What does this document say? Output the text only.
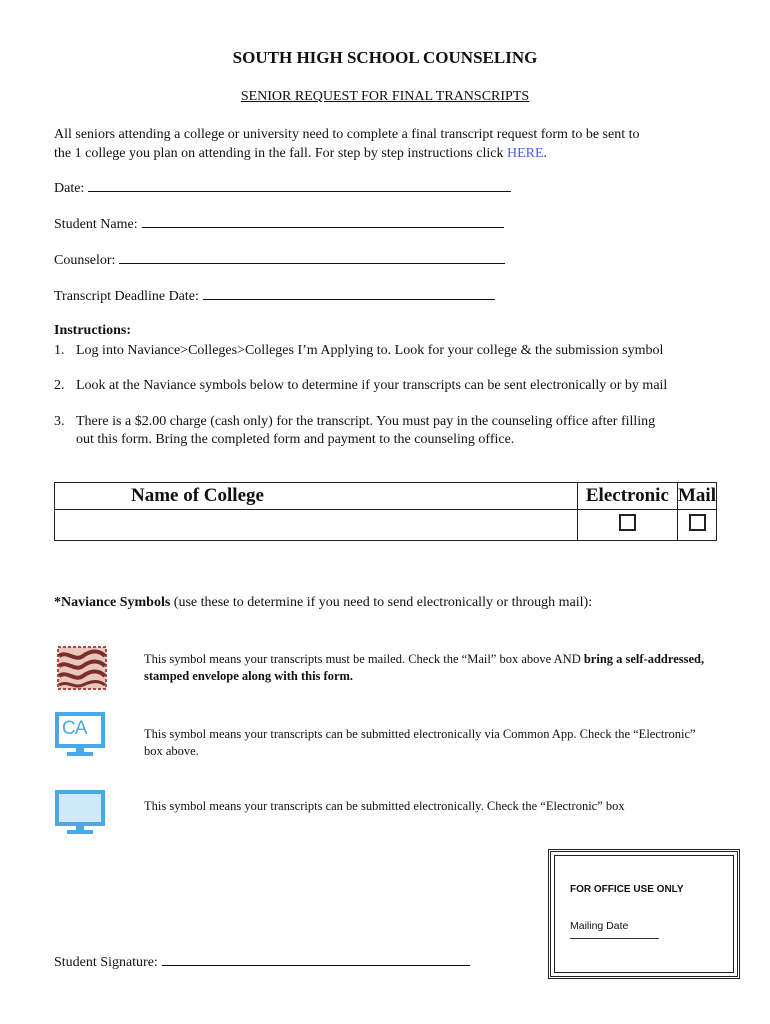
SOUTH HIGH SCHOOL COUNSELING
SENIOR REQUEST FOR FINAL TRANSCRIPTS
All seniors attending a college or university need to complete a final transcript request form to be sent to
the 1 college you plan on attending in the fall. For step by step instructions click HERE.
Date:
Student Name:
Counselor:
Transcript Deadline Date:
Instructions:
1. Log into Naviance>Colleges>Colleges I’m Applying to. Look for your college & the submission symbol
2. Look at the Naviance symbols below to determine if your transcripts can be sent electronically or by mail
3. There is a $2.00 charge (cash only) for the transcript. You must pay in the counseling office after filling
out this form. Bring the completed form and payment to the counseling office.
Name of College	Electronic	Mail

*Naviance Symbols (use these to determine if you need to send electronically or through mail):
This symbol means your transcripts must be mailed. Check the “Mail” box above AND bring a self-addressed, stamped envelope along with this form.
CA	This symbol means your transcripts can be submitted electronically via Common App. Check the “Electronic” box above.
This symbol means your transcripts can be submitted electronically. Check the “Electronic” box
FOR OFFICE USE ONLY
Mailing Date
Student Signature:
